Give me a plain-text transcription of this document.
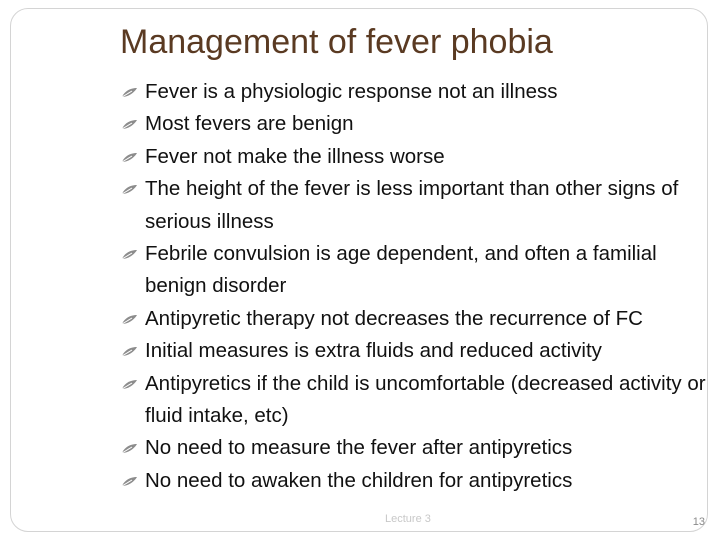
Management of fever phobia
Fever is a physiologic response not an illness
Most fevers are benign
Fever not make the illness worse
The height of the fever is less important than other signs of serious illness
Febrile convulsion is age dependent, and often a familial benign disorder
Antipyretic therapy not decreases the recurrence of FC
Initial measures is extra fluids and reduced activity
Antipyretics if the child is uncomfortable (decreased activity or fluid intake, etc)
No need to measure the fever after antipyretics
No need to awaken the children for antipyretics
Lecture 3	13
